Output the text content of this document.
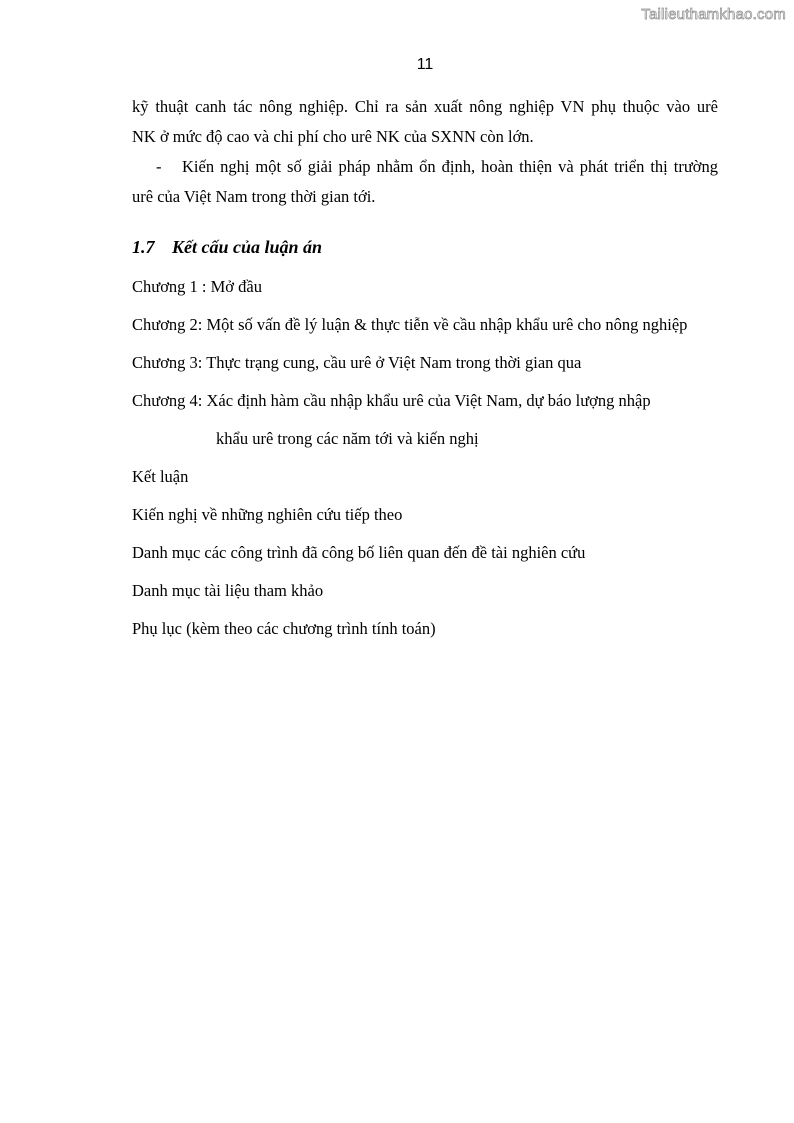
Tailieuthamkhao.com
11
kỹ thuật canh tác nông nghiệp. Chỉ ra sản xuất nông nghiệp VN phụ thuộc vào urê
NK ở mức độ cao và chi phí cho urê NK của SXNN còn lớn.
-	Kiến nghị một số giải pháp nhằm ổn định, hoàn thiện và phát triển thị trường
urê của Việt Nam trong thời gian tới.
1.7 Kết cấu của luận án
Chương 1 : Mở đầu
Chương 2: Một số vấn đề lý luận & thực tiễn về cầu nhập khẩu urê cho nông nghiệp
Chương 3: Thực trạng cung, cầu urê ở Việt Nam trong thời gian qua
Chương 4: Xác định hàm cầu nhập khẩu urê của Việt Nam, dự báo lượng nhập
khẩu urê trong các năm tới và kiến nghị
Kết luận
Kiến nghị về những nghiên cứu tiếp theo
Danh mục các công trình đã công bố liên quan đến đề tài nghiên cứu
Danh mục tài liệu tham khảo
Phụ lục (kèm theo các chương trình tính toán)
